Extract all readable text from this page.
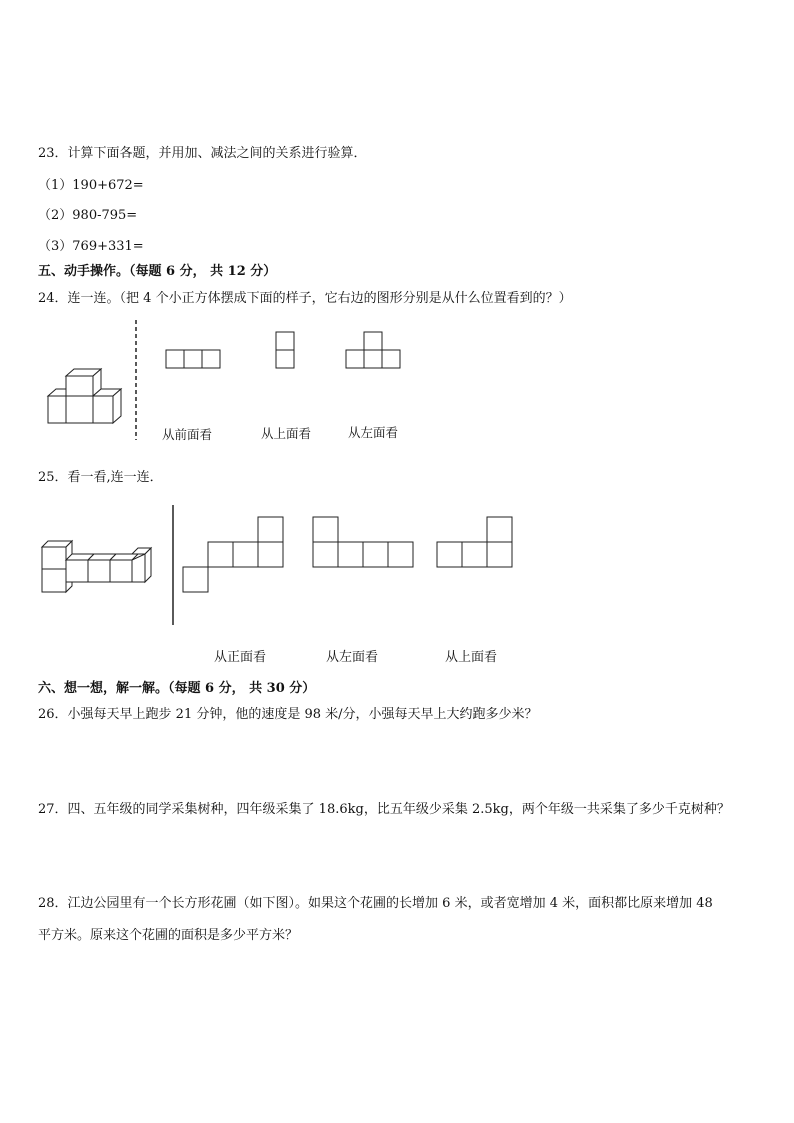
23．计算下面各题，并用加、减法之间的关系进行验算．
（1）190+672=
（2）980-795=
（3）769+331=
五、动手操作。（每题 6 分， 共 12 分）
24．连一连。（把 4 个小正方体摆成下面的样子，它右边的图形分别是从什么位置看到的？）
从前面看	从上面看	从左面看
25．看一看,连一连．
从正面看	从左面看	从上面看
六、想一想，解一解。（每题 6 分， 共 30 分）
26．小强每天早上跑步 21 分钟，他的速度是 98 米/分，小强每天早上大约跑多少米？
27．四、五年级的同学采集树种，四年级采集了 18.6kg，比五年级少采集 2.5kg，两个年级一共采集了多少千克树种？
28．江边公园里有一个长方形花圃（如下图）。如果这个花圃的长增加 6 米，或者宽增加 4 米，面积都比原来增加 48
平方米。原来这个花圃的面积是多少平方米？
